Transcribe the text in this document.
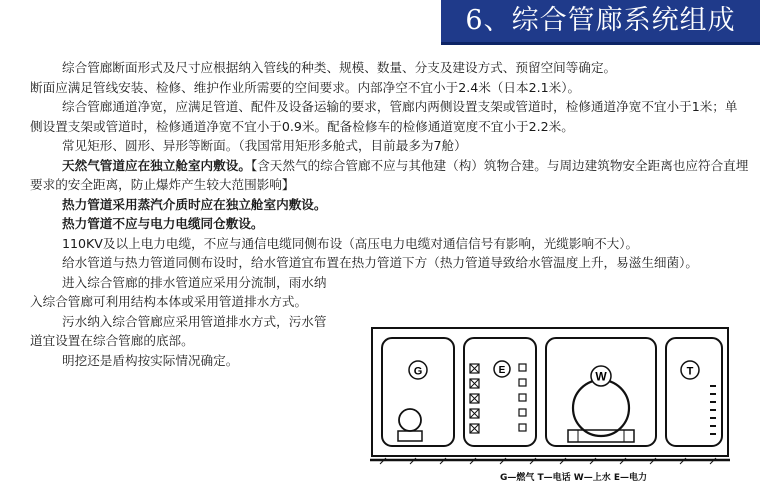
6、综合管廊系统组成

综合管廊断面形式及尺寸应根据纳入管线的种类、规模、数量、分支及建设方式、预留空间等确定。

断面应满足管线安装、检修、维护作业所需要的空间要求。内部净空不宜小于2.4米（日本2.1米）。

综合管廊通道净宽，应满足管道、配件及设备运输的要求，管廊内两侧设置支架或管道时，检修通道净宽不宜小于1米；单侧设置支架或管道时，检修通道净宽不宜小于0.9米。配备检修车的检修通道宽度不宜小于2.2米。

常见矩形、圆形、异形等断面。（我国常用矩形多舱式，目前最多为7舱）

天然气管道应在独立舱室内敷设。【含天然气的综合管廊不应与其他建（构）筑物合建。与周边建筑物安全距离也应符合直埋要求的安全距离，防止爆炸产生较大范围影响】

热力管道采用蒸汽介质时应在独立舱室内敷设。

热力管道不应与电力电缆同仓敷设。

110KV及以上电力电缆，不应与通信电缆同侧布设（高压电力电缆对通信信号有影响，光缆影响不大）。

给水管道与热力管道同侧布设时，给水管道宜布置在热力管道下方（热力管道导致给水管温度上升，易滋生细菌）。

进入综合管廊的排水管道应采用分流制，雨水纳入综合管廊可利用结构本体或采用管道排水方式。

污水纳入综合管廊应采用管道排水方式，污水管道宜设置在综合管廊的底部。

明挖还是盾构按实际情况确定。

G	E	W	T
G—燃气 T—电话 W—上水 E—电力
